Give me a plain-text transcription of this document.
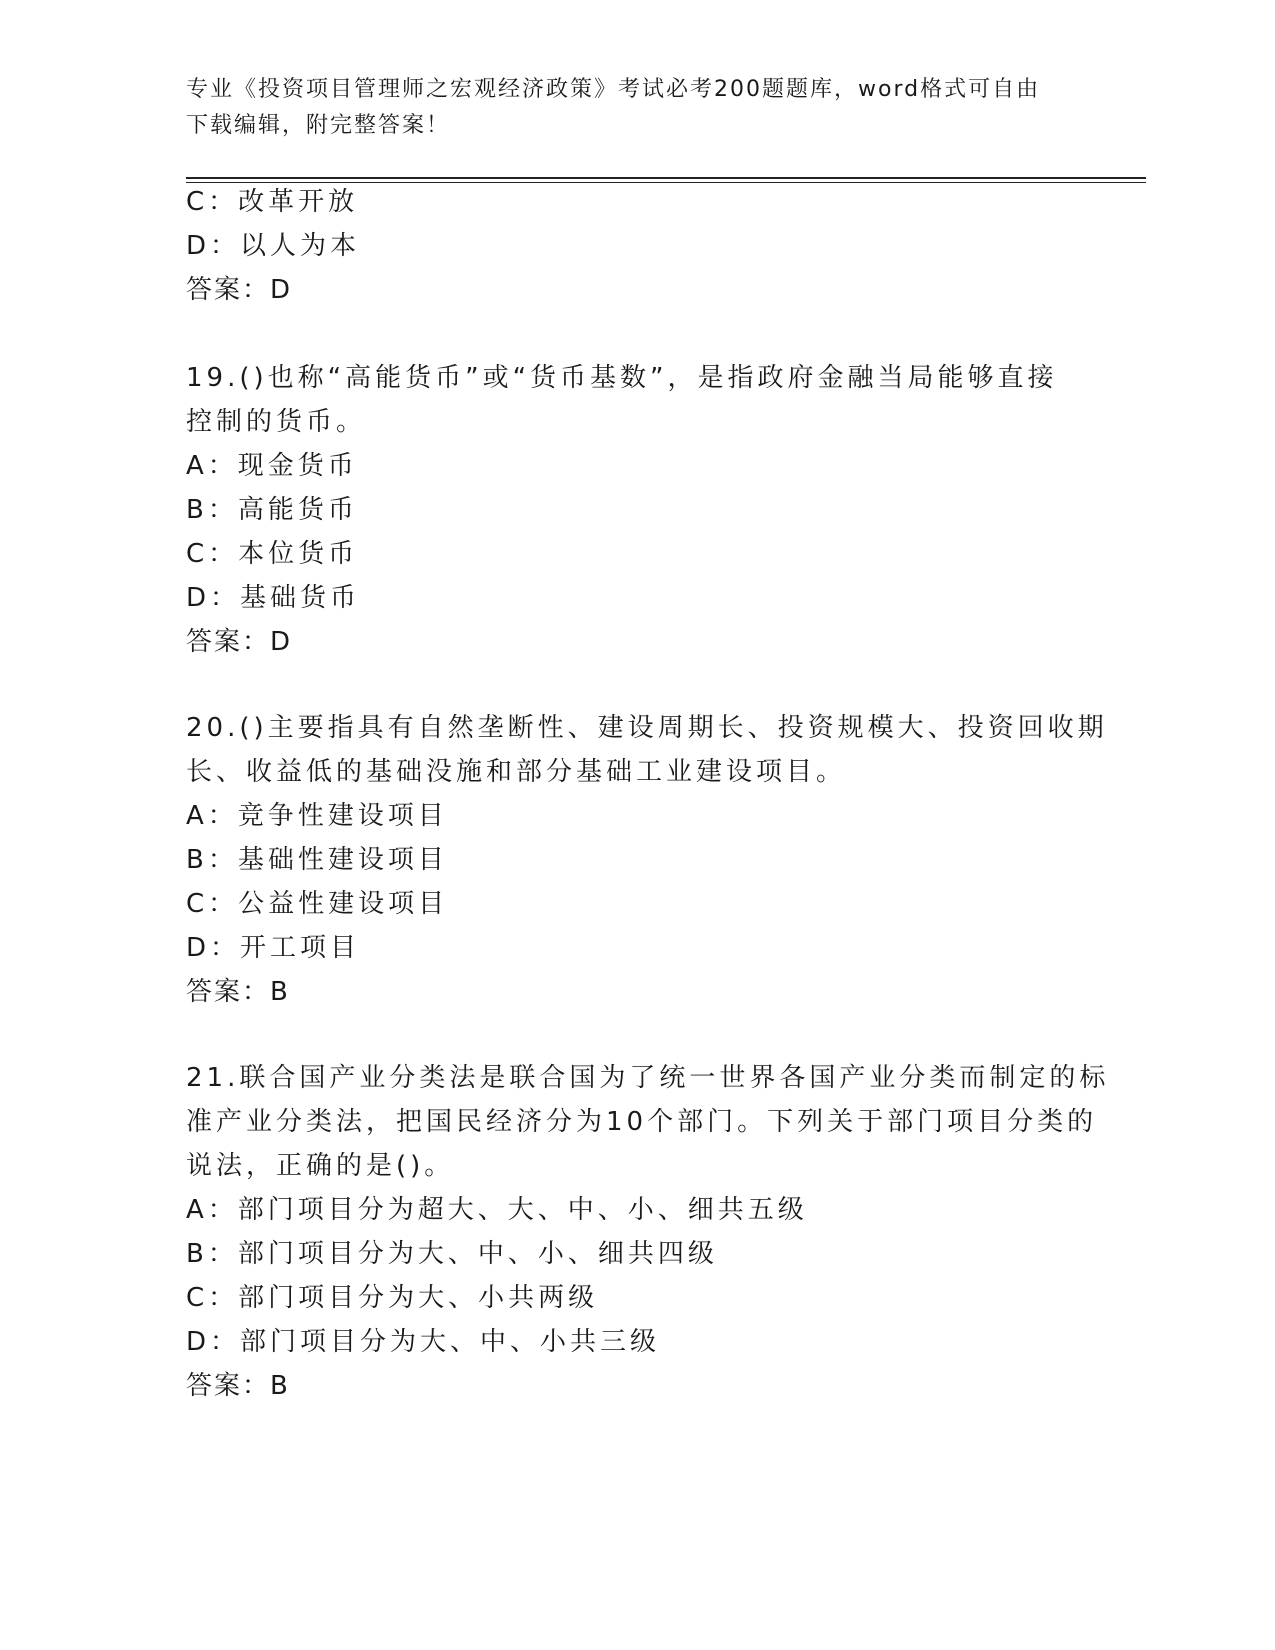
专业《投资项目管理师之宏观经济政策》考试必考200题题库，word格式可自由
下载编辑，附完整答案！
C：改革开放
D：以人为本
答案：D
19.()也称“高能货币”或“货币基数”，是指政府金融当局能够直接
控制的货币。
A：现金货币
B：高能货币
C：本位货币
D：基础货币
答案：D
20.()主要指具有自然垄断性、建设周期长、投资规模大、投资回收期
长、收益低的基础没施和部分基础工业建设项目。
A：竞争性建设项目
B：基础性建设项目
C：公益性建设项目
D：开工项目
答案：B
21.联合国产业分类法是联合国为了统一世界各国产业分类而制定的标
准产业分类法，把国民经济分为10个部门。下列关于部门项目分类的
说法，正确的是()。
A：部门项目分为超大、大、中、小、细共五级
B：部门项目分为大、中、小、细共四级
C：部门项目分为大、小共两级
D：部门项目分为大、中、小共三级
答案：B
